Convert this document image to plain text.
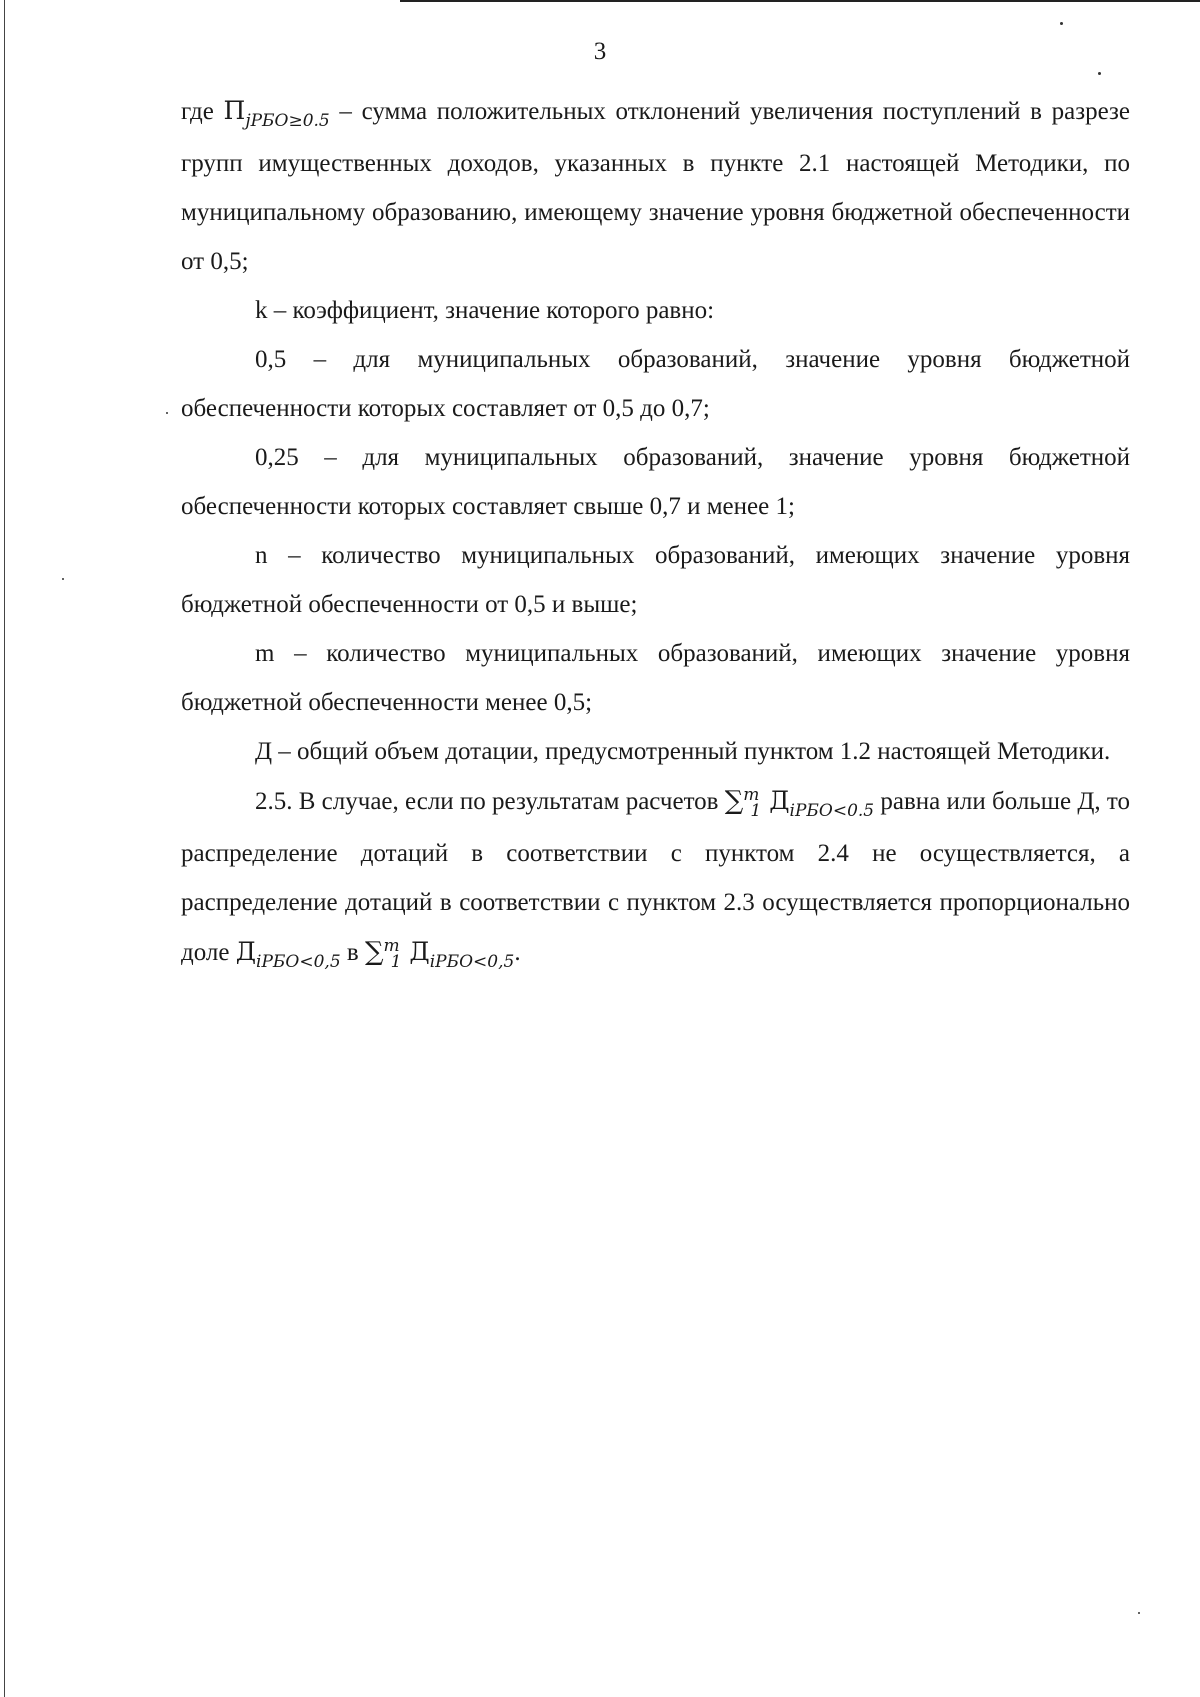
3

где $П_{jРБО\ge 0.5}$ – сумма положительных отклонений увеличения поступлений в разрезе групп имущественных доходов, указанных в пункте 2.1 настоящей Методики, по муниципальному образованию, имеющему значение уровня бюджетной обеспеченности от 0,5;

k – коэффициент, значение которого равно:

0,5 – для муниципальных образований, значение уровня бюджетной обеспеченности которых составляет от 0,5 до 0,7;

0,25 – для муниципальных образований, значение уровня бюджетной обеспеченности которых составляет свыше 0,7 и менее 1;

n – количество муниципальных образований, имеющих значение уровня бюджетной обеспеченности от 0,5 и выше;

m – количество муниципальных образований, имеющих значение уровня бюджетной обеспеченности менее 0,5;

Д – общий объем дотации, предусмотренный пунктом 1.2 настоящей Методики.

2.5. В случае, если по результатам расчетов ∑$^m_1$ $Д_{iРБО<0.5}$ равна или больше Д, то распределение дотаций в соответствии с пунктом 2.4 не осуществляется, а распределение дотаций в соответствии с пунктом 2.3 осуществляется пропорционально доле $Д_{iРБО<0,5}$ в ∑$^m_1$ $Д_{iРБО<0,5}$.
